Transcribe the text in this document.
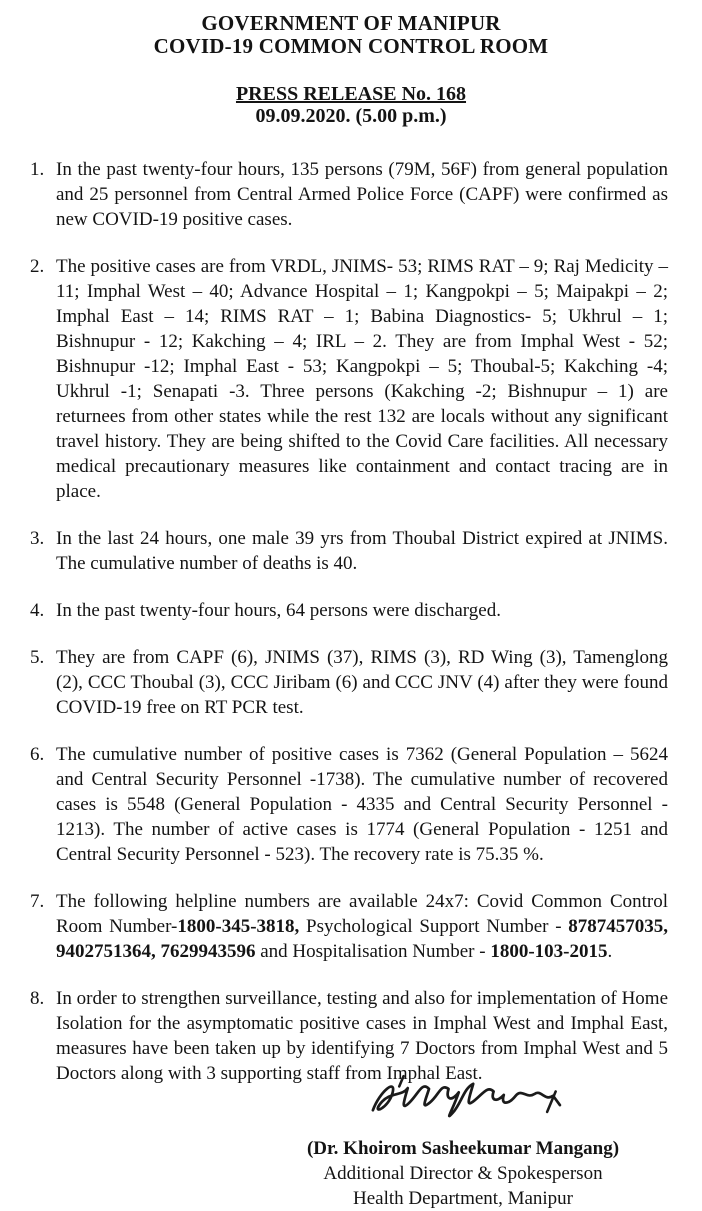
GOVERNMENT OF MANIPUR
COVID-19 COMMON CONTROL ROOM
PRESS RELEASE No. 168
09.09.2020. (5.00 p.m.)
1. In the past twenty-four hours, 135 persons (79M, 56F) from general population and 25 personnel from Central Armed Police Force (CAPF) were confirmed as new COVID-19 positive cases.
2. The positive cases are from VRDL, JNIMS- 53; RIMS RAT – 9; Raj Medicity – 11; Imphal West – 40; Advance Hospital – 1; Kangpokpi – 5; Maipakpi – 2; Imphal East – 14; RIMS RAT – 1; Babina Diagnostics- 5; Ukhrul – 1; Bishnupur - 12; Kakching – 4; IRL – 2. They are from Imphal West - 52; Bishnupur -12; Imphal East - 53; Kangpokpi – 5; Thoubal-5; Kakching -4; Ukhrul -1; Senapati -3. Three persons (Kakching -2; Bishnupur – 1) are returnees from other states while the rest 132 are locals without any significant travel history. They are being shifted to the Covid Care facilities. All necessary medical precautionary measures like containment and contact tracing are in place.
3. In the last 24 hours, one male 39 yrs from Thoubal District expired at JNIMS. The cumulative number of deaths is 40.
4. In the past twenty-four hours, 64 persons were discharged.
5. They are from CAPF (6), JNIMS (37), RIMS (3), RD Wing (3), Tamenglong (2), CCC Thoubal (3), CCC Jiribam (6) and CCC JNV (4) after they were found COVID-19 free on RT PCR test.
6. The cumulative number of positive cases is 7362 (General Population – 5624 and Central Security Personnel -1738). The cumulative number of recovered cases is 5548 (General Population - 4335 and Central Security Personnel - 1213). The number of active cases is 1774 (General Population - 1251 and Central Security Personnel - 523). The recovery rate is 75.35 %.
7. The following helpline numbers are available 24x7: Covid Common Control Room Number-1800-345-3818, Psychological Support Number - 8787457035, 9402751364, 7629943596 and Hospitalisation Number - 1800-103-2015.
8. In order to strengthen surveillance, testing and also for implementation of Home Isolation for the asymptomatic positive cases in Imphal West and Imphal East, measures have been taken up by identifying 7 Doctors from Imphal West and 5 Doctors along with 3 supporting staff from Imphal East.
(Dr. Khoirom Sasheekumar Mangang)
Additional Director & Spokesperson
Health Department, Manipur
